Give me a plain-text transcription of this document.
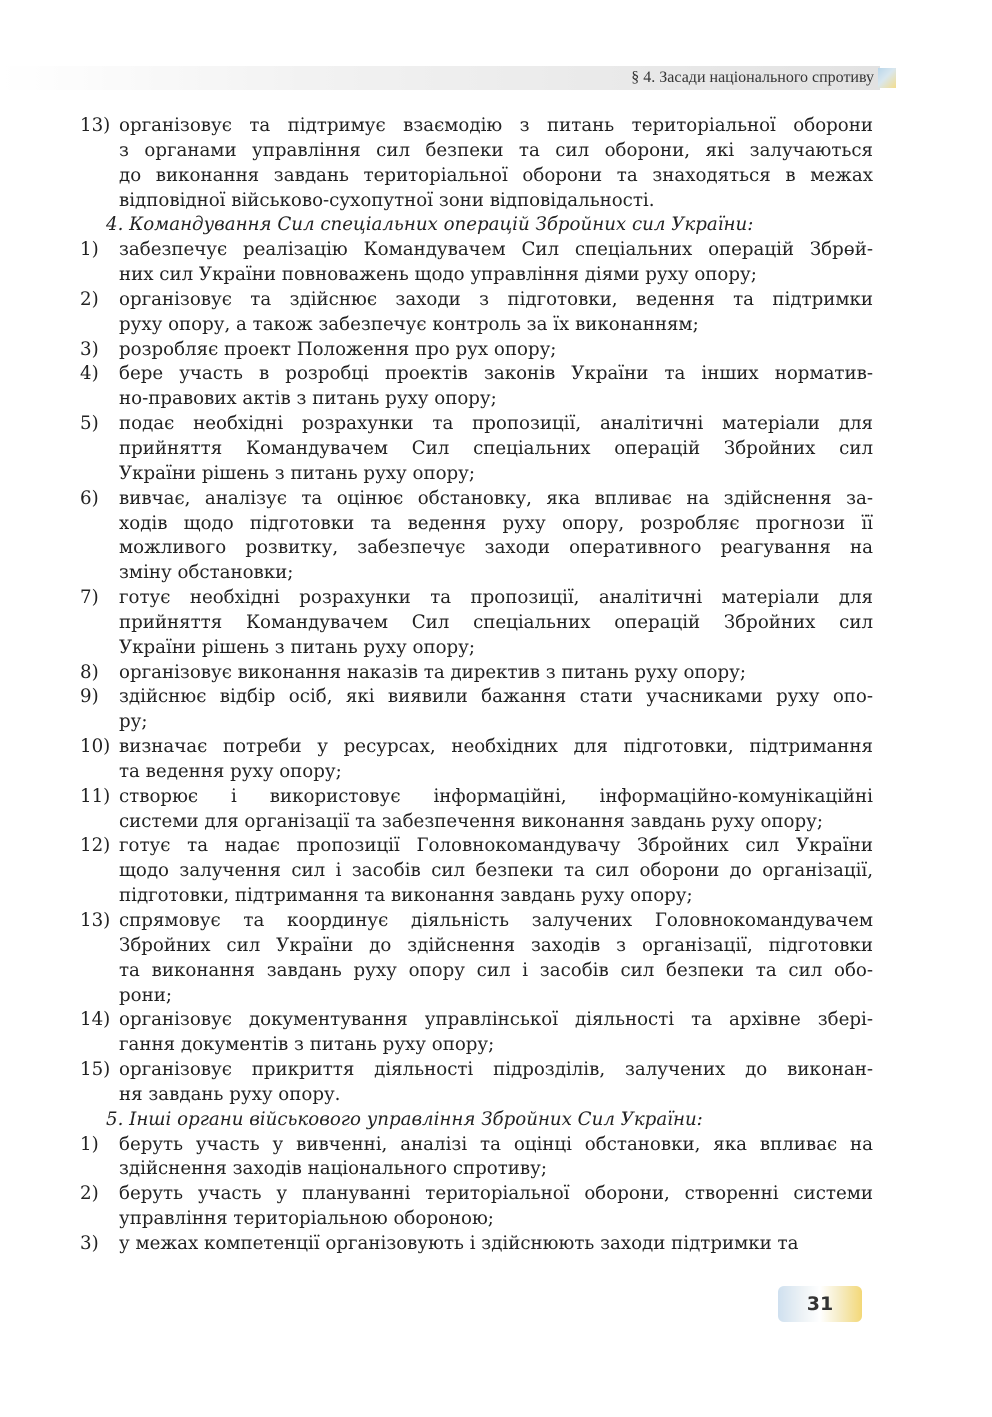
§ 4. Засади національного спротиву
13) організовує та підтримує взаємодію з питань територіальної оборони
з органами управління сил безпеки та сил оборони, які залучаються
до виконання завдань територіальної оборони та знаходяться в межах
відповідної військово-сухопутної зони відповідальності.
4. Командування Сил спеціальних операцій Збройних сил України:
1)	забезпечує реалізацію Командувачем Сил спеціальних операцій Збрөй-
них сил України повноважень щодо управління діями руху опору;
2)	організовує та здійснює заходи з підготовки, ведення та підтримки
руху опору, а також забезпечує контроль за їх виконанням;
3)	розробляє проект Положення про рух опору;
4)	бере участь в розробці проектів законів України та інших норматив-
но-правових актів з питань руху опору;
5)	подає необхідні розрахунки та пропозиції, аналітичні матеріали для
прийняття Командувачем Сил спеціальних операцій Збройних сил
України рішень з питань руху опору;
6)	вивчає, аналізує та оцінює обстановку, яка впливає на здійснення за-
ходів щодо підготовки та ведення руху опору, розробляє прогнози її
можливого розвитку, забезпечує заходи оперативного реагування на
зміну обстановки;
7)	готує необхідні розрахунки та пропозиції, аналітичні матеріали для
прийняття Командувачем Сил спеціальних операцій Збройних сил
України рішень з питань руху опору;
8)	організовує виконання наказів та директив з питань руху опору;
9)	здійснює відбір осіб, які виявили бажання стати учасниками руху опо-
ру;
10) визначає потреби у ресурсах, необхідних для підготовки, підтримання
та ведення руху опору;
11) створює і використовує інформаційні, інформаційно-комунікаційні
системи для організації та забезпечення виконання завдань руху опору;
12) готує та надає пропозиції Головнокомандувачу Збройних сил України
щодо залучення сил і засобів сил безпеки та сил оборони до організації,
підготовки, підтримання та виконання завдань руху опору;
13) спрямовує та координує діяльність залучених Головнокомандувачем
Збройних сил України до здійснення заходів з організації, підготовки
та виконання завдань руху опору сил і засобів сил безпеки та сил обо-
рони;
14) організовує документування управлінської діяльності та архівне збері-
гання документів з питань руху опору;
15) організовує прикриття діяльності підрозділів, залучених до виконан-
ня завдань руху опору.
5. Інші органи військового управління Збройних Сил України:
1)	беруть участь у вивченні, аналізі та оцінці обстановки, яка впливає на
здійснення заходів національного спротиву;
2)	беруть участь у плануванні територіальної оборони, створенні системи
управління територіальною обороною;
3)	у межах компетенції організовують і здійснюють заходи підтримки та
31
